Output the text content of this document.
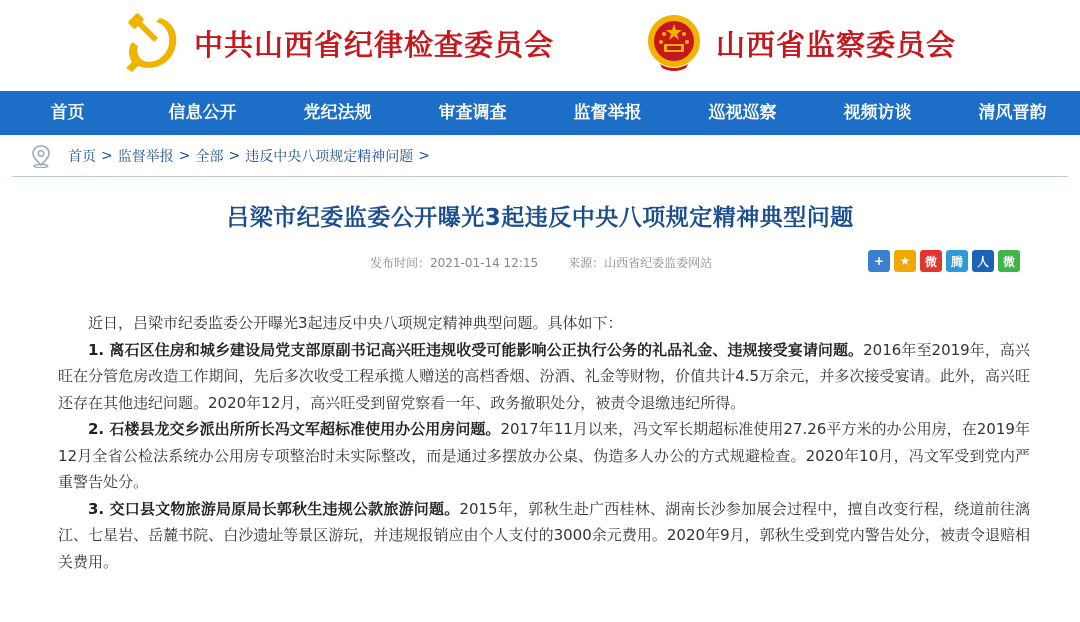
中共山西省纪律检查委员会	山西省监察委员会
首页	信息公开	党纪法规	审查调查	监督举报	巡视巡察	视频访谈	清风晋韵
首页 > 监督举报 > 全部 > 违反中央八项规定精神问题 >
吕梁市纪委监委公开曝光3起违反中央八项规定精神典型问题
发布时间：2021-01-14 12:15	来源：山西省纪委监委网站	+	★	微	腾	人	微

近日，吕梁市纪委监委公开曝光3起违反中央八项规定精神典型问题。具体如下：

1. 离石区住房和城乡建设局党支部原副书记高兴旺违规收受可能影响公正执行公务的礼品礼金、违规接受宴请问题。2016年至2019年，高兴旺在分管危房改造工作期间，先后多次收受工程承揽人赠送的高档香烟、汾酒、礼金等财物，价值共计4.5万余元，并多次接受宴请。此外，高兴旺还存在其他违纪问题。2020年12月，高兴旺受到留党察看一年、政务撤职处分，被责令退缴违纪所得。

2. 石楼县龙交乡派出所所长冯文军超标准使用办公用房问题。2017年11月以来，冯文军长期超标准使用27.26平方米的办公用房，在2019年12月全省公检法系统办公用房专项整治时未实际整改，而是通过多摆放办公桌、伪造多人办公的方式规避检查。2020年10月，冯文军受到党内严重警告处分。

3. 交口县文物旅游局原局长郭秋生违规公款旅游问题。2015年，郭秋生赴广西桂林、湖南长沙参加展会过程中，擅自改变行程，绕道前往漓江、七星岩、岳麓书院、白沙遗址等景区游玩，并违规报销应由个人支付的3000余元费用。2020年9月，郭秋生受到党内警告处分，被责令退赔相关费用。
